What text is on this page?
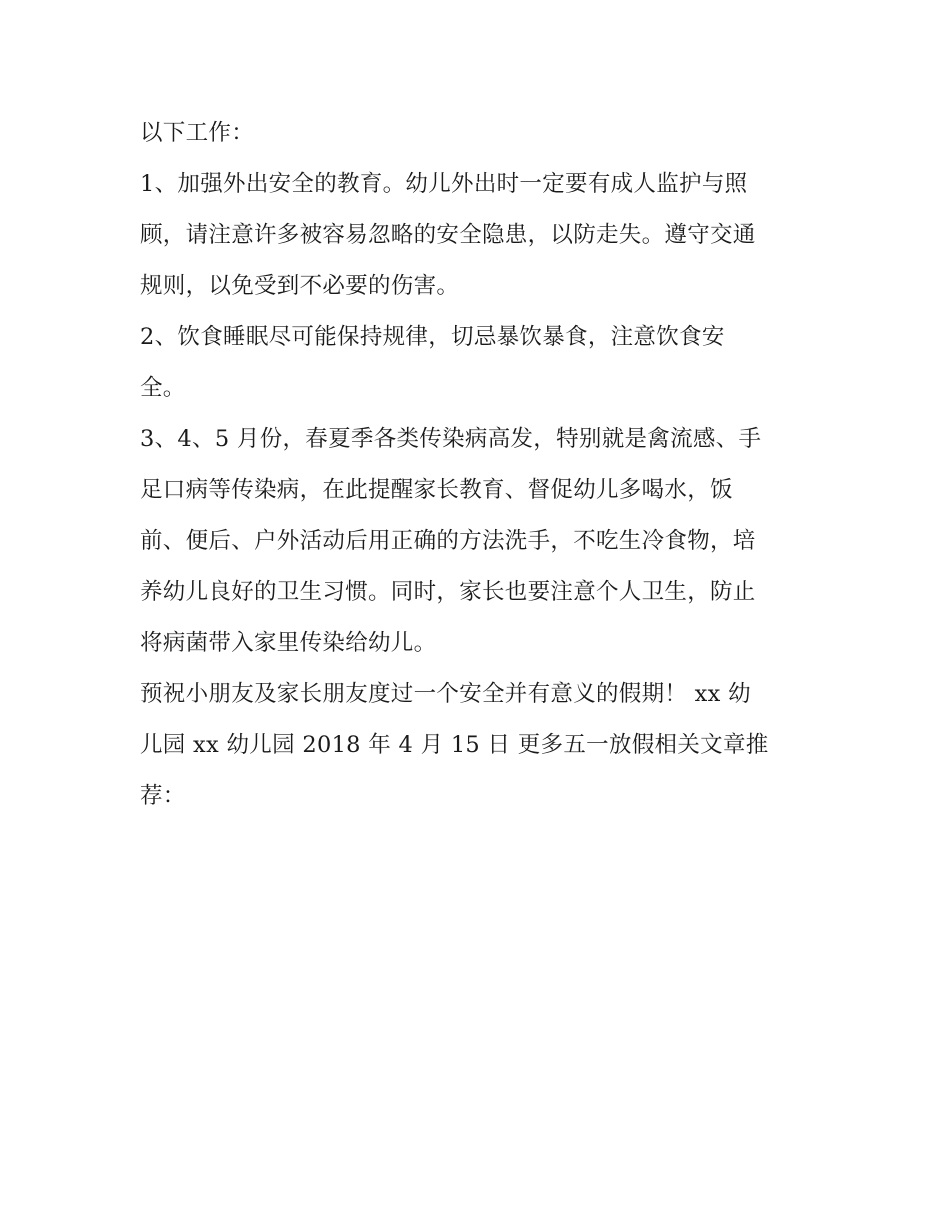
以下工作：
1、加强外出安全的教育。幼儿外出时一定要有成人监护与照
顾，请注意许多被容易忽略的安全隐患，以防走失。遵守交通
规则，以免受到不必要的伤害。
2、饮食睡眠尽可能保持规律，切忌暴饮暴食，注意饮食安
全。
3、4、5 月份，春夏季各类传染病高发，特别就是禽流感、手
足口病等传染病，在此提醒家长教育、督促幼儿多喝水，饭
前、便后、户外活动后用正确的方法洗手，不吃生冷食物，培
养幼儿良好的卫生习惯。同时，家长也要注意个人卫生，防止
将病菌带入家里传染给幼儿。
预祝小朋友及家长朋友度过一个安全并有意义的假期！ xx 幼
儿园 xx 幼儿园 2018 年 4 月 15 日 更多五一放假相关文章推
荐：
